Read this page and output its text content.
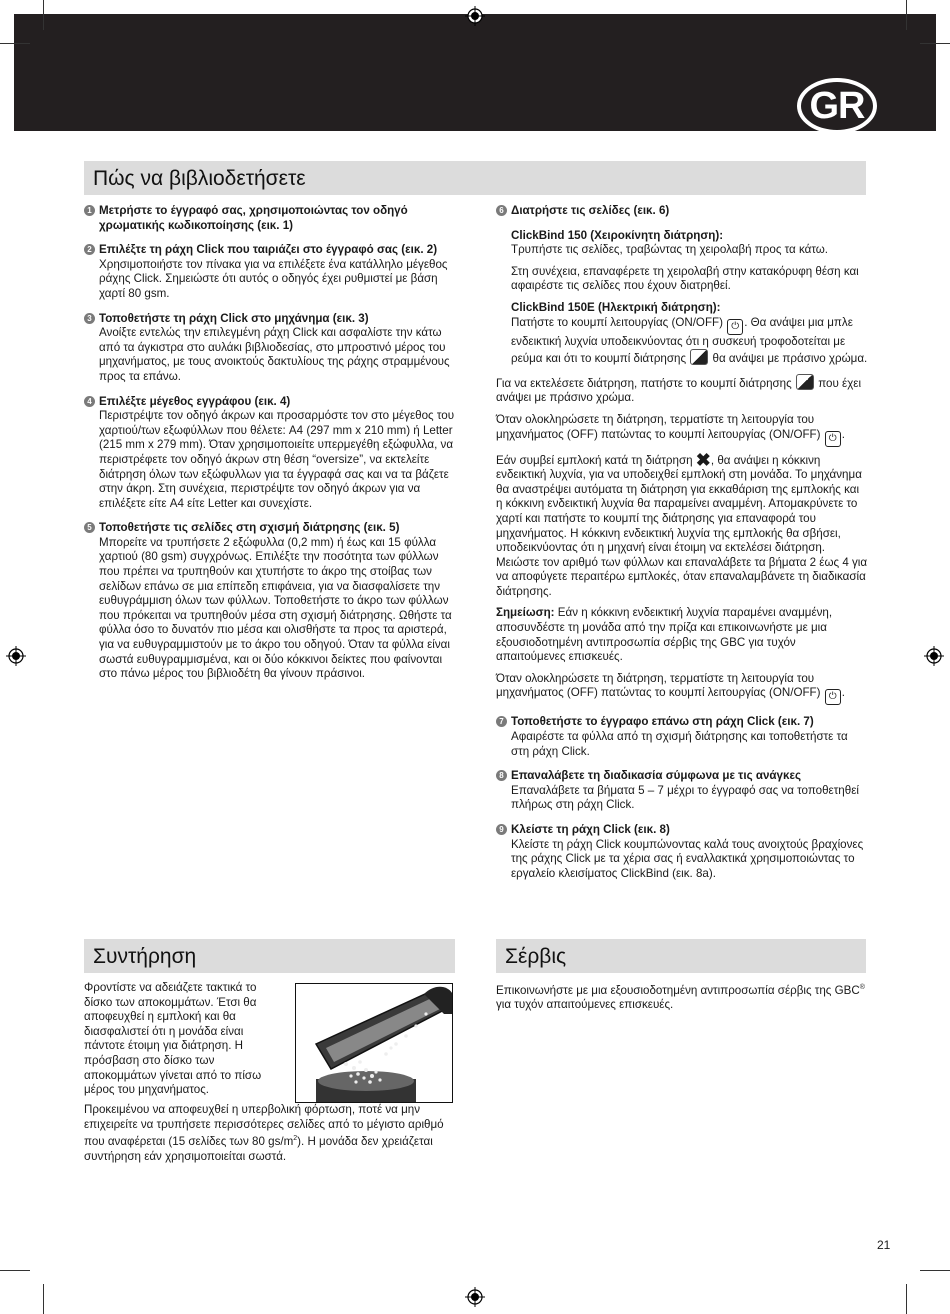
GR
Πώς να βιβλιοδετήσετε
1 Μετρήστε το έγγραφό σας, χρησιμοποιώντας τον οδηγό χρωματικής κωδικοποίησης (εικ. 1)
2 Επιλέξτε τη ράχη Click που ταιριάζει στο έγγραφό σας (εικ. 2)
Χρησιμοποιήστε τον πίνακα για να επιλέξετε ένα κατάλληλο μέγεθος ράχης Click. Σημειώστε ότι αυτός ο οδηγός έχει ρυθμιστεί με βάση χαρτί 80 gsm.
3 Τοποθετήστε τη ράχη Click στο μηχάνημα (εικ. 3)
Ανοίξτε εντελώς την επιλεγμένη ράχη Click και ασφαλίστε την κάτω από τα άγκιστρα στο αυλάκι βιβλιοδεσίας, στο μπροστινό μέρος του μηχανήματος, με τους ανοικτούς δακτυλίους της ράχης στραμμένους προς τα επάνω.
4 Επιλέξτε μέγεθος εγγράφου (εικ. 4)
Περιστρέψτε τον οδηγό άκρων και προσαρμόστε τον στο μέγεθος του χαρτιού/των εξωφύλλων που θέλετε: A4 (297 mm x 210 mm) ή Letter (215 mm x 279 mm). Όταν χρησιμοποιείτε υπερμεγέθη εξώφυλλα, να περιστρέφετε τον οδηγό άκρων στη θέση “oversize”, να εκτελείτε διάτρηση όλων των εξώφυλλων για τα έγγραφά σας και να τα βάζετε στην άκρη. Στη συνέχεια, περιστρέψτε τον οδηγό άκρων για να επιλέξετε είτε A4 είτε Letter και συνεχίστε.
5 Τοποθετήστε τις σελίδες στη σχισμή διάτρησης (εικ. 5)
Μπορείτε να τρυπήσετε 2 εξώφυλλα (0,2 mm) ή έως και 15 φύλλα χαρτιού (80 gsm) συγχρόνως. Επιλέξτε την ποσότητα των φύλλων που πρέπει να τρυπηθούν και χτυπήστε το άκρο της στοίβας των σελίδων επάνω σε μια επίπεδη επιφάνεια, για να διασφαλίσετε την ευθυγράμμιση όλων των φύλλων. Τοποθετήστε το άκρο των φύλλων που πρόκειται να τρυπηθούν μέσα στη σχισμή διάτρησης. Ωθήστε τα φύλλα όσο το δυνατόν πιο μέσα και ολισθήστε τα προς τα αριστερά, για να ευθυγραμμιστούν με το άκρο του οδηγού. Όταν τα φύλλα είναι σωστά ευθυγραμμισμένα, και οι δύο κόκκινοι δείκτες που φαίνονται στο πάνω μέρος του βιβλιοδέτη θα γίνουν πράσινοι.
6 Διατρήστε τις σελίδες (εικ. 6)
ClickBind 150 (Χειροκίνητη διάτρηση):

Τρυπήστε τις σελίδες, τραβώντας τη χειρολαβή προς τα κάτω.

Στη συνέχεια, επαναφέρετε τη χειρολαβή στην κατακόρυφη θέση και αφαιρέστε τις σελίδες που έχουν διατρηθεί.

ClickBind 150E (Ηλεκτρική διάτρηση):

Πατήστε το κουμπί λειτουργίας (ON/OFF) ⏻ . Θα ανάψει μια μπλε ενδεικτική λυχνία υποδεικνύοντας ότι η συσκευή τροφοδοτείται με ρεύμα και ότι το κουμπί διάτρησης θα ανάψει με πράσινο χρώμα.

Για να εκτελέσετε διάτρηση, πατήστε το κουμπί διάτρησης που έχει ανάψει με πράσινο χρώμα.

Όταν ολοκληρώσετε τη διάτρηση, τερματίστε τη λειτουργία του μηχανήματος (OFF) πατώντας το κουμπί λειτουργίας (ON/OFF) ⏻ .

Εάν συμβεί εμπλοκή κατά τη διάτρηση ✖, θα ανάψει η κόκκινη ενδεικτική λυχνία, για να υποδειχθεί εμπλοκή στη μονάδα. Το μηχάνημα θα αναστρέψει αυτόματα τη διάτρηση για εκκαθάριση της εμπλοκής και η κόκκινη ενδεικτική λυχνία θα παραμείνει αναμμένη. Απομακρύνετε το χαρτί και πατήστε το κουμπί της διάτρησης για επαναφορά του μηχανήματος. Η κόκκινη ενδεικτική λυχνία της εμπλοκής θα σβήσει, υποδεικνύοντας ότι η μηχανή είναι έτοιμη να εκτελέσει διάτρηση. Μειώστε τον αριθμό των φύλλων και επαναλάβετε τα βήματα 2 έως 4 για να αποφύγετε περαιτέρω εμπλοκές, όταν επαναλαμβάνετε τη διαδικασία διάτρησης.

Σημείωση: Εάν η κόκκινη ενδεικτική λυχνία παραμένει αναμμένη, αποσυνδέστε τη μονάδα από την πρίζα και επικοινωνήστε με μια εξουσιοδοτημένη αντιπροσωπία σέρβις της GBC για τυχόν απαιτούμενες επισκευές.

Όταν ολοκληρώσετε τη διάτρηση, τερματίστε τη λειτουργία του μηχανήματος (OFF) πατώντας το κουμπί λειτουργίας (ON/OFF) ⏻ .

7 Τοποθετήστε το έγγραφο επάνω στη ράχη Click (εικ. 7)
Αφαιρέστε τα φύλλα από τη σχισμή διάτρησης και τοποθετήστε τα στη ράχη Click.
8 Επαναλάβετε τη διαδικασία σύμφωνα με τις ανάγκες
Επαναλάβετε τα βήματα 5 – 7 μέχρι το έγγραφό σας να τοποθετηθεί πλήρως στη ράχη Click.
9 Κλείστε τη ράχη Click (εικ. 8)
Κλείστε τη ράχη Click κουμπώνοντας καλά τους ανοιχτούς βραχίονες της ράχης Click με τα χέρια σας ή εναλλακτικά χρησιμοποιώντας το εργαλείο κλεισίματος ClickBind (εικ. 8a).
Συντήρηση
Φροντίστε να αδειάζετε τακτικά το δίσκο των αποκομμάτων. Έτσι θα αποφευχθεί η εμπλοκή και θα διασφαλιστεί ότι η μονάδα είναι πάντοτε έτοιμη για διάτρηση. Η πρόσβαση στο δίσκο των αποκομμάτων γίνεται από το πίσω μέρος του μηχανήματος.
Προκειμένου να αποφευχθεί η υπερβολική φόρτωση, ποτέ να μην επιχειρείτε να τρυπήσετε περισσότερες σελίδες από το μέγιστο αριθμό που αναφέρεται (15 σελίδες των 80 $gs/m^2$). Η μονάδα δεν χρειάζεται συντήρηση εάν χρησιμοποιείται σωστά.
Σέρβις
Επικοινωνήστε με μια εξουσιοδοτημένη αντιπροσωπία σέρβις της GBC® για τυχόν απαιτούμενες επισκευές.
21
